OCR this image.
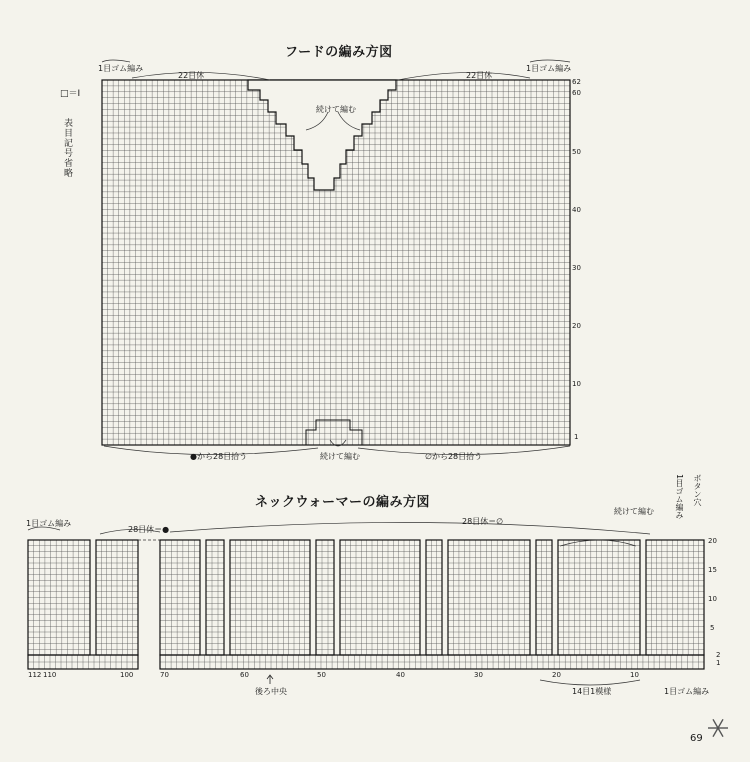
フードの編み方図
1目ゴム編み
22目休	22目休
1目ゴム編み
続けて編む
●から28目拾う	続けて編む	∅から28目拾う
62
60
50
40
30
20
10
1
□＝Ⅰ
表目記号省略
ネックウォーマーの編み方図
1目ゴム編み
28目休＝●
28目休＝∅
続けて編む	1目ゴム編み ボタン穴
後ろ中央	14目1模様	1目ゴム編み
112 110	100	70	60	50	40	30	20	10
20
15
10
5
2
1
69
